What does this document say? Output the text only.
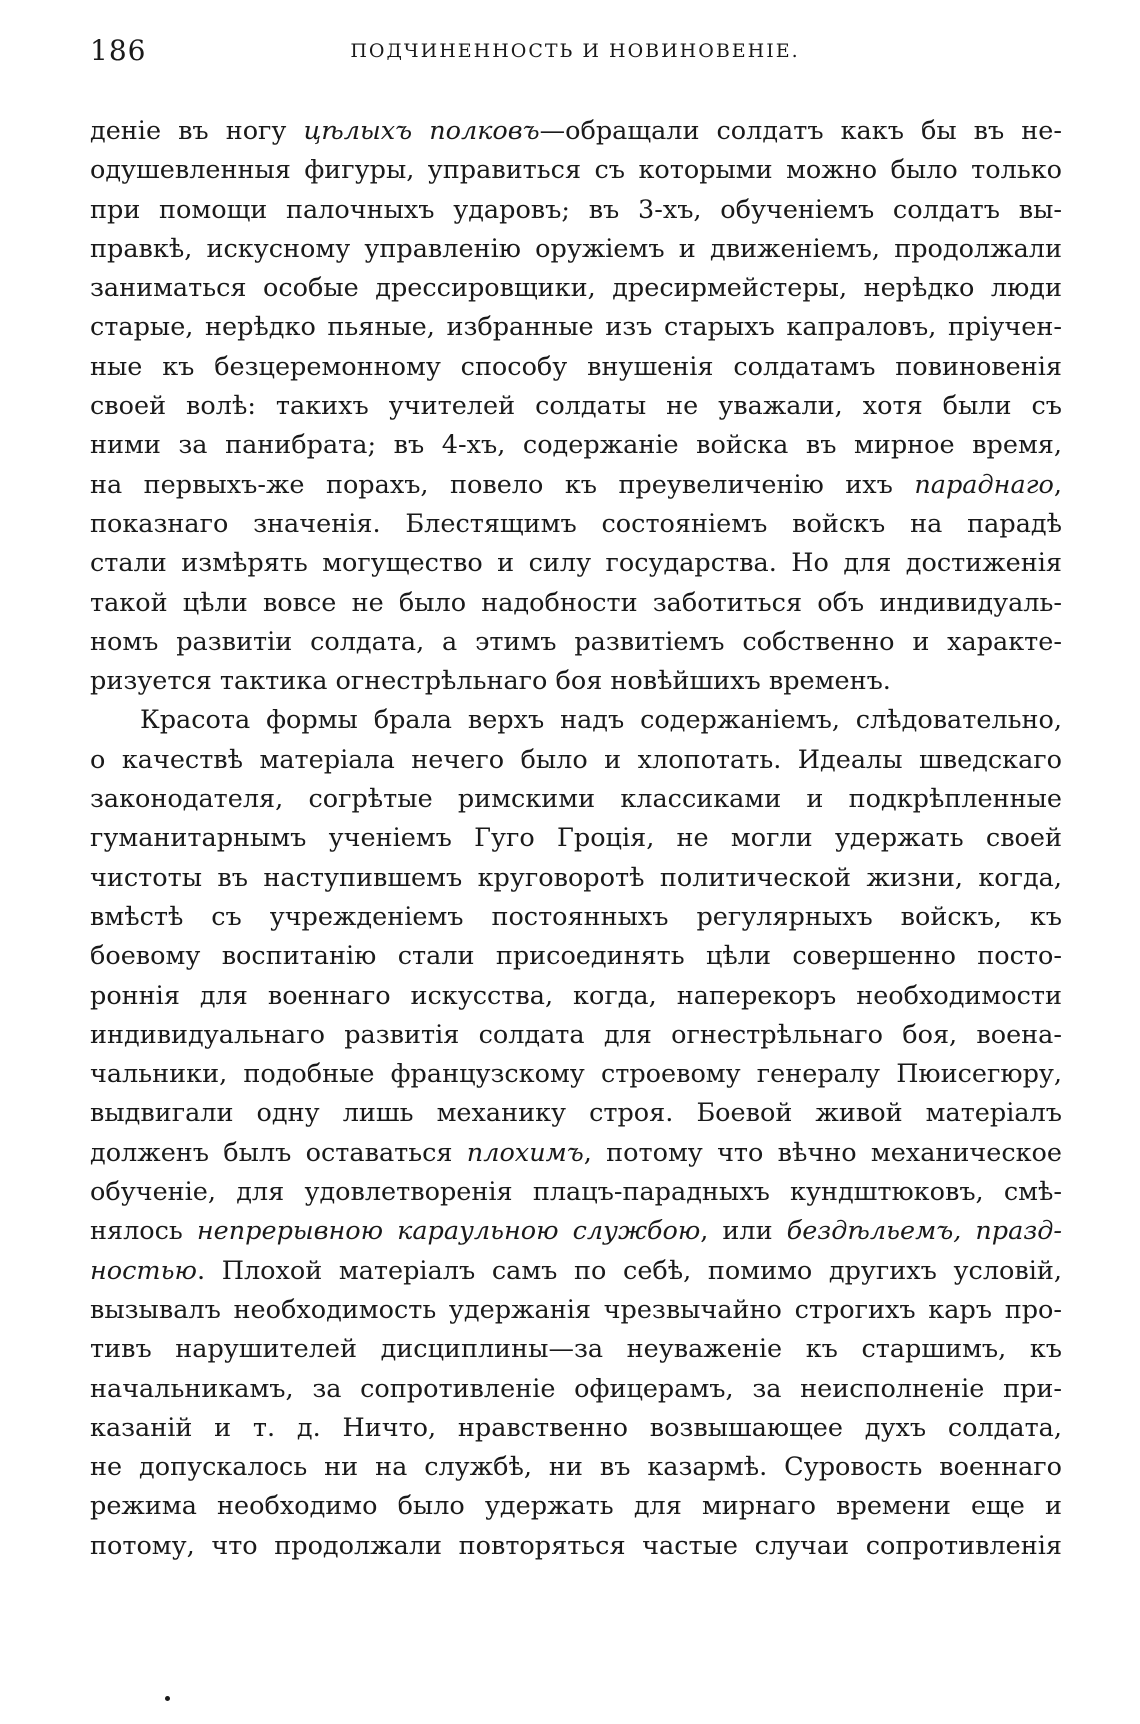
186	ПОДЧИНЕННОСТЬ И НОВИНОВЕНІЕ.
деніе въ ногу цѣлыхъ полковъ—обращали солдатъ какъ бы въ не-
одушевленныя фигуры, управиться съ которыми можно было только
при помощи палочныхъ ударовъ; въ 3-хъ, обученіемъ солдатъ вы-
правкѣ, искусному управленію оружіемъ и движеніемъ, продолжали
заниматься особые дрессировщики, дресирмейстеры, нерѣдко люди
старые, нерѣдко пьяные, избранные изъ старыхъ капраловъ, пріучен-
ные къ безцеремонному способу внушенія солдатамъ повиновенія
своей волѣ: такихъ учителей солдаты не уважали, хотя были съ
ними за панибрата; въ 4-хъ, содержаніе войска въ мирное время,
на первыхъ-же порахъ, повело къ преувеличенію ихъ параднаго,
показнаго значенія. Блестящимъ состояніемъ войскъ на парадѣ
стали измѣрять могущество и силу государства. Но для достиженія
такой цѣли вовсе не было надобности заботиться объ индивидуаль-
номъ развитіи солдата, а этимъ развитіемъ собственно и характе-
ризуется тактика огнестрѣльнаго боя новѣйшихъ временъ.
Красота формы брала верхъ надъ содержаніемъ, слѣдовательно,
о качествѣ матеріала нечего было и хлопотать. Идеалы шведскаго
законодателя, согрѣтые римскими классиками и подкрѣпленные
гуманитарнымъ ученіемъ Гуго Гроція, не могли удержать своей
чистоты въ наступившемъ круговоротѣ политической жизни, когда,
вмѣстѣ съ учрежденіемъ постоянныхъ регулярныхъ войскъ, къ
боевому воспитанію стали присоединять цѣли совершенно посто-
роннія для военнаго искусства, когда, наперекоръ необходимости
индивидуальнаго развитія солдата для огнестрѣльнаго боя, воена-
чальники, подобные французскому строевому генералу Пюисегюру,
выдвигали одну лишь механику строя. Боевой живой матеріалъ
долженъ былъ оставаться плохимъ, потому что вѣчно механическое
обученіе, для удовлетворенія плацъ-парадныхъ кундштюковъ, смѣ-
нялось непрерывною караульною службою, или бездѣльемъ, празд-
ностью. Плохой матеріалъ самъ по себѣ, помимо другихъ условій,
вызывалъ необходимость удержанія чрезвычайно строгихъ каръ про-
тивъ нарушителей дисциплины—за неуваженіе къ старшимъ, къ
начальникамъ, за сопротивленіе офицерамъ, за неисполненіе при-
казаній и т. д. Ничто, нравственно возвышающее духъ солдата,
не допускалось ни на службѣ, ни въ казармѣ. Суровость военнаго
режима необходимо было удержать для мирнаго времени еще и
потому, что продолжали повторяться частые случаи сопротивленія
